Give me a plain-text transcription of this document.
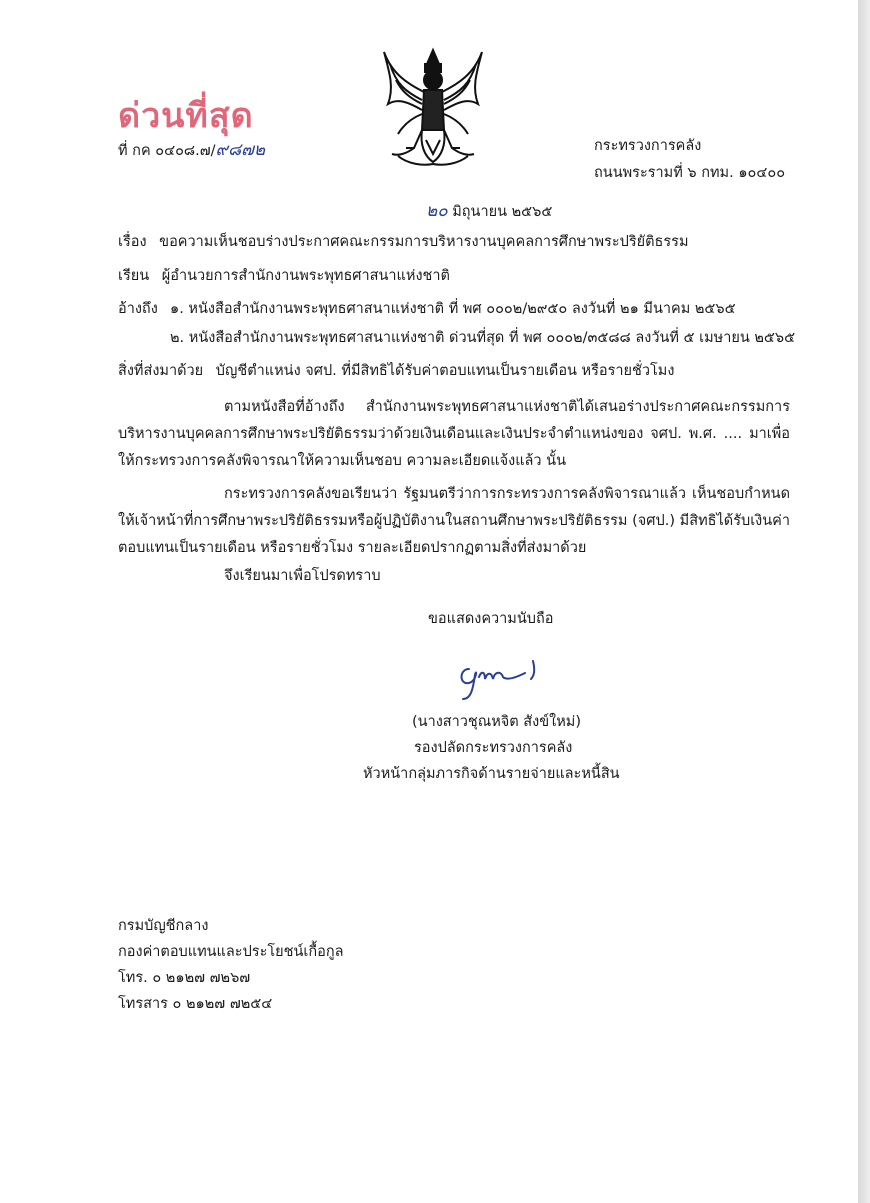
ด่วนที่สุด
ที่ กค ๐๔๐๘.๗/๙๘๗๒	กระทรวงการคลัง
ถนนพระรามที่ ๖ กทม. ๑๐๔๐๐
๒๐ มิถุนายน ๒๕๖๕
เรื่อง ขอความเห็นชอบร่างประกาศคณะกรรมการบริหารงานบุคคลการศึกษาพระปริยัติธรรม
เรียน ผู้อำนวยการสำนักงานพระพุทธศาสนาแห่งชาติ
อ้างถึง ๑. หนังสือสำนักงานพระพุทธศาสนาแห่งชาติ ที่ พศ ๐๐๐๒/๒๙๕๐ ลงวันที่ ๒๑ มีนาคม ๒๕๖๕
๒. หนังสือสำนักงานพระพุทธศาสนาแห่งชาติ ด่วนที่สุด ที่ พศ ๐๐๐๒/๓๕๘๘ ลงวันที่ ๕ เมษายน ๒๕๖๕
สิ่งที่ส่งมาด้วย บัญชีตำแหน่ง จศป. ที่มีสิทธิได้รับค่าตอบแทนเป็นรายเดือน หรือรายชั่วโมง
ตามหนังสือที่อ้างถึง สำนักงานพระพุทธศาสนาแห่งชาติได้เสนอร่างประกาศคณะกรรมการบริหารงานบุคคลการศึกษาพระปริยัติธรรมว่าด้วยเงินเดือนและเงินประจำตำแหน่งของ จศป. พ.ศ. .... มาเพื่อให้กระทรวงการคลังพิจารณาให้ความเห็นชอบ ความละเอียดแจ้งแล้ว นั้น
กระทรวงการคลังขอเรียนว่า รัฐมนตรีว่าการกระทรวงการคลังพิจารณาแล้ว เห็นชอบกำหนดให้เจ้าหน้าที่การศึกษาพระปริยัติธรรมหรือผู้ปฏิบัติงานในสถานศึกษาพระปริยัติธรรม (จศป.) มีสิทธิได้รับเงินค่าตอบแทนเป็นรายเดือน หรือรายชั่วโมง รายละเอียดปรากฏตามสิ่งที่ส่งมาด้วย
จึงเรียนมาเพื่อโปรดทราบ
ขอแสดงความนับถือ
(นางสาวชุณหจิต สังข์ใหม่)
รองปลัดกระทรวงการคลัง
หัวหน้ากลุ่มภารกิจด้านรายจ่ายและหนี้สิน
กรมบัญชีกลาง
กองค่าตอบแทนและประโยชน์เกื้อกูล
โทร. ๐ ๒๑๒๗ ๗๒๖๗
โทรสาร ๐ ๒๑๒๗ ๗๒๕๔
